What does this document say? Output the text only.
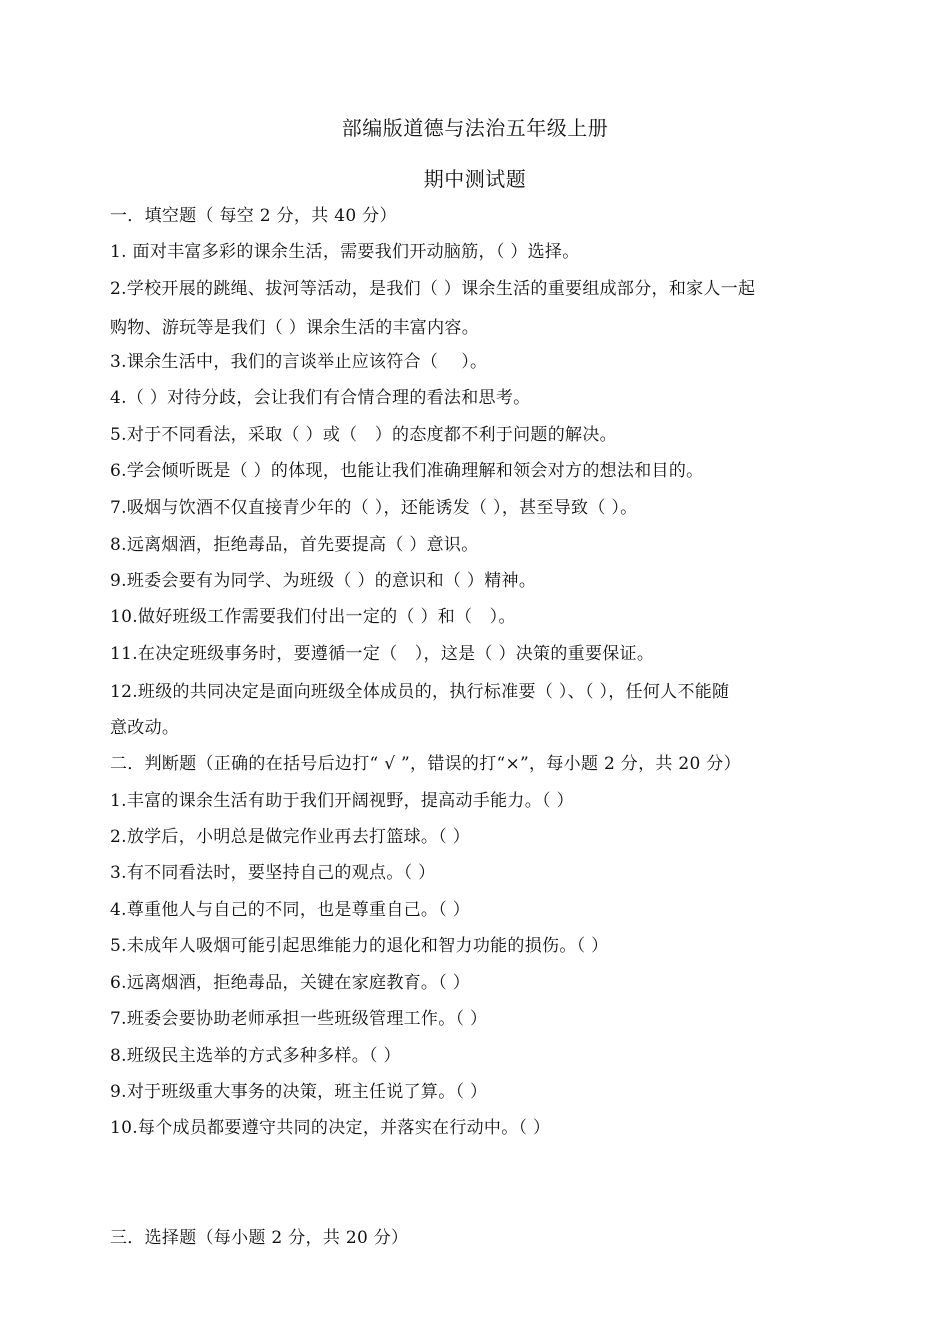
部编版道德与法治五年级上册
期中测试题
一．填空题（ 每空 2 分，共 40 分）
1. 面对丰富多彩的课余生活，需要我们开动脑筋，（ ）选择。
2.学校开展的跳绳、拔河等活动，是我们（ ）课余生活的重要组成部分，和家人一起
购物、游玩等是我们（ ）课余生活的丰富内容。
3.课余生活中，我们的言谈举止应该符合（　 ）。
4.（ ）对待分歧，会让我们有合情合理的看法和思考。
5.对于不同看法，采取（ ）或（　）的态度都不利于问题的解决。
6.学会倾听既是（ ）的体现，也能让我们准确理解和领会对方的想法和目的。
7.吸烟与饮酒不仅直接青少年的（ ），还能诱发（ ），甚至导致（ ）。
8.远离烟酒，拒绝毒品，首先要提高（ ）意识。
9.班委会要有为同学、为班级（ ）的意识和（ ）精神。
10.做好班级工作需要我们付出一定的（ ）和（　）。
11.在决定班级事务时，要遵循一定（　），这是（ ）决策的重要保证。
12.班级的共同决定是面向班级全体成员的，执行标准要（ ）、（ ），任何人不能随
意改动。
二．判断题（正确的在括号后边打“ √ ”，错误的打“×”，每小题 2 分，共 20 分）
1.丰富的课余生活有助于我们开阔视野，提高动手能力。（ ）
2.放学后，小明总是做完作业再去打篮球。（ ）
3.有不同看法时，要坚持自己的观点。（ ）
4.尊重他人与自己的不同，也是尊重自己。（ ）
5.未成年人吸烟可能引起思维能力的退化和智力功能的损伤。（ ）
6.远离烟酒，拒绝毒品，关键在家庭教育。（ ）
7.班委会要协助老师承担一些班级管理工作。（ ）
8.班级民主选举的方式多种多样。（ ）
9.对于班级重大事务的决策，班主任说了算。（ ）
10.每个成员都要遵守共同的决定，并落实在行动中。（ ）
三．选择题（每小题 2 分，共 20 分）
